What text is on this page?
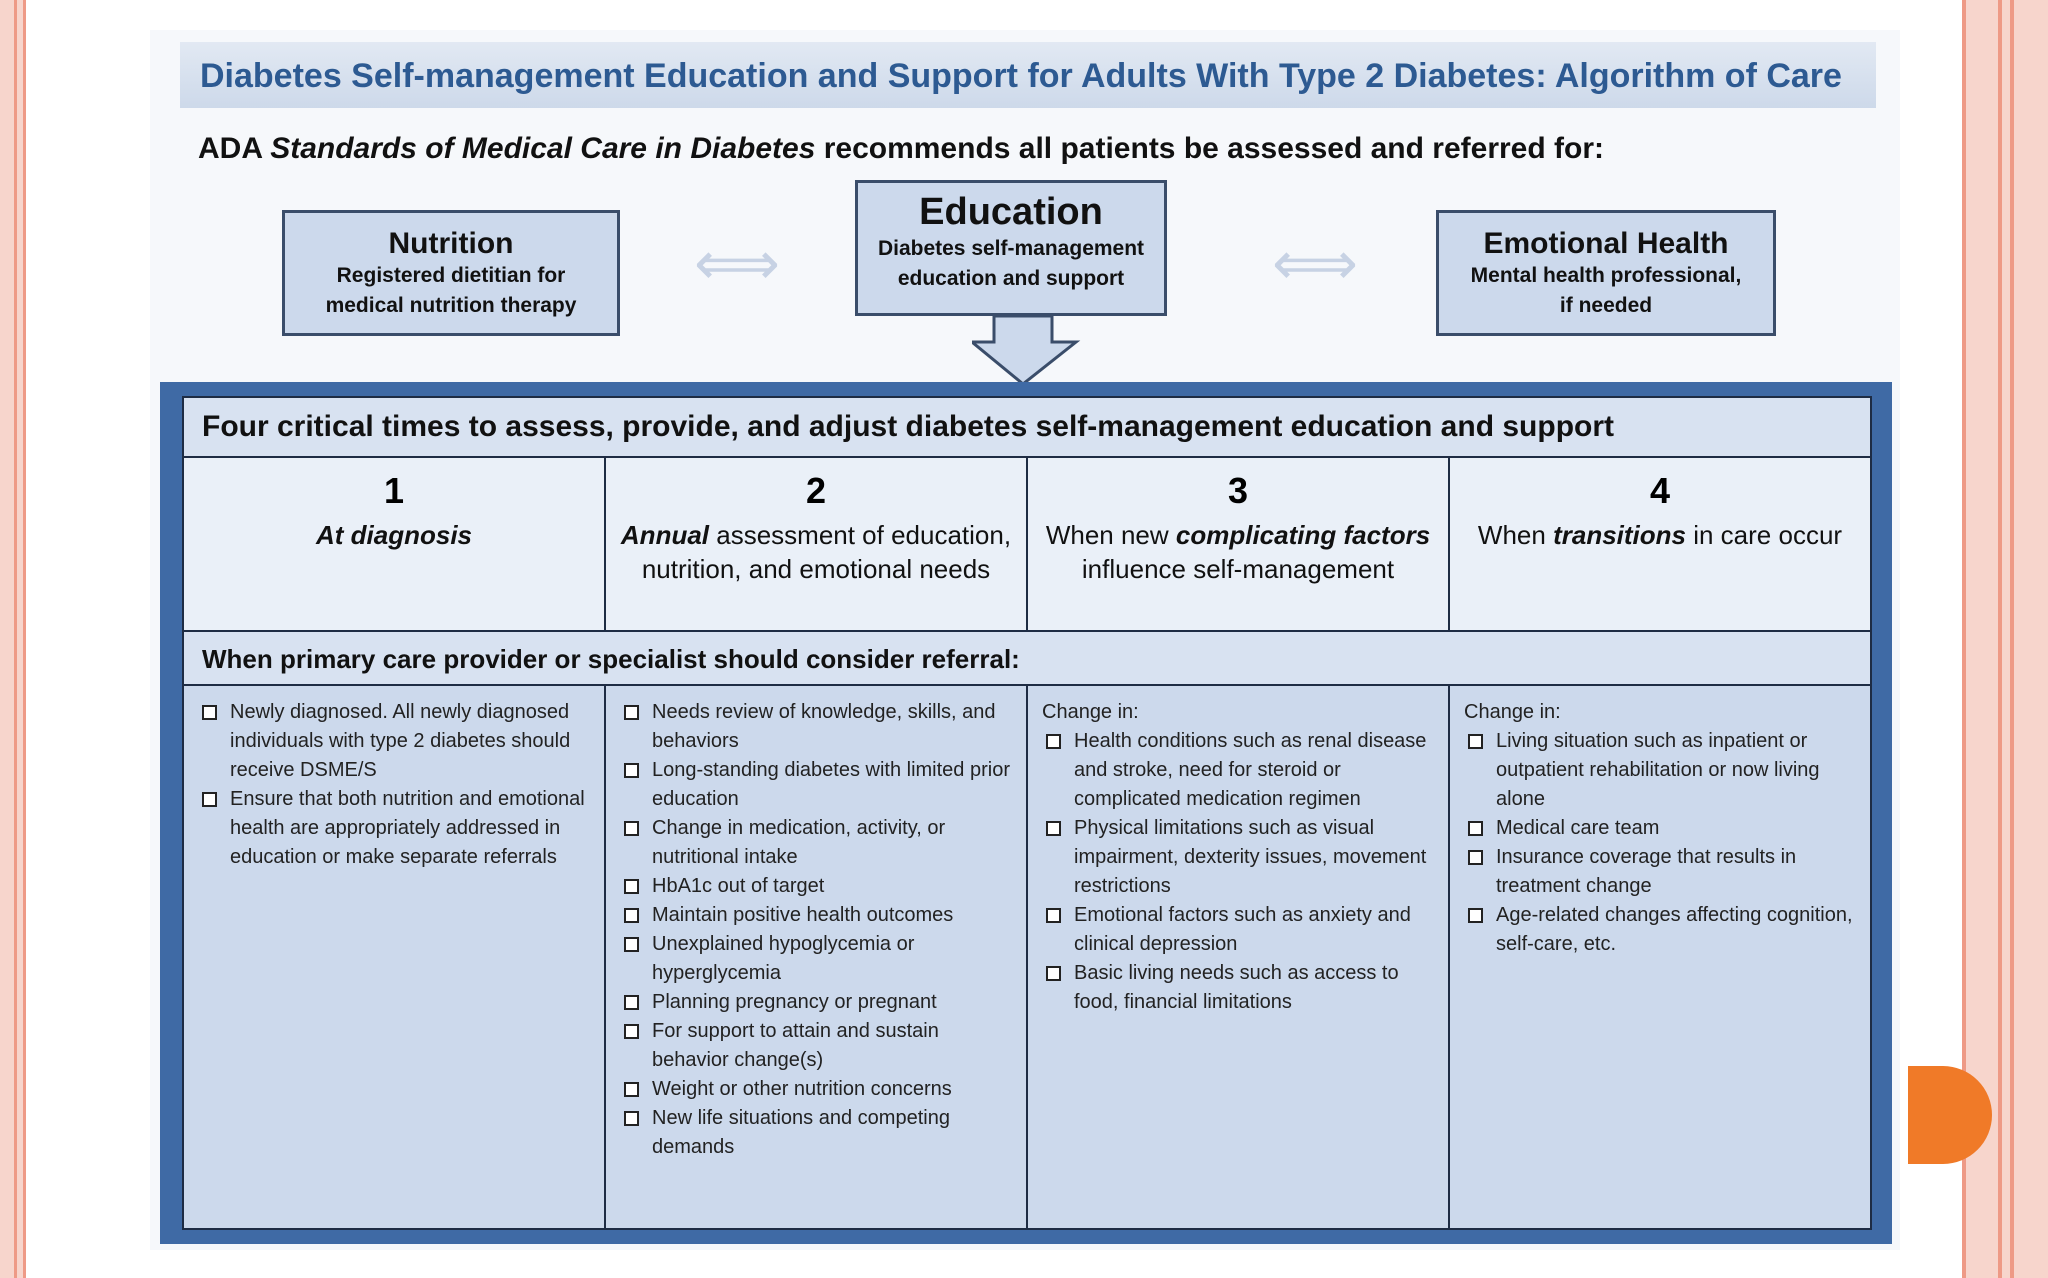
Diabetes Self-management Education and Support for Adults With Type 2 Diabetes: Algorithm of Care
ADA Standards of Medical Care in Diabetes recommends all patients be assessed and referred for:
Nutrition
Registered dietitian for
medical nutrition therapy
⟺
Education
Diabetes self-management
education and support	⟺	Emotional Health
Mental health professional,
if needed
Four critical times to assess, provide, and adjust diabetes self-management education and support
1
At diagnosis
2
Annual assessment of education, nutrition, and emotional needs
3
When new complicating factors influence self-management
4
When transitions in care occur
When primary care provider or specialist should consider referral:
Newly diagnosed. All newly diagnosed individuals with type 2 diabetes should receive DSME/S
Ensure that both nutrition and emotional health are appropriately addressed in education or make separate referrals
Needs review of knowledge, skills, and behaviors
Long-standing diabetes with limited prior education
Change in medication, activity, or nutritional intake
HbA1c out of target
Maintain positive health outcomes
Unexplained hypoglycemia or hyperglycemia
Planning pregnancy or pregnant
For support to attain and sustain behavior change(s)
Weight or other nutrition concerns
New life situations and competing demands
Change in:
Health conditions such as renal disease and stroke, need for steroid or complicated medication regimen
Physical limitations such as visual impairment, dexterity issues, movement restrictions
Emotional factors such as anxiety and clinical depression
Basic living needs such as access to food, financial limitations
Change in:
Living situation such as inpatient or outpatient rehabilitation or now living alone
Medical care team
Insurance coverage that results in treatment change
Age-related changes affecting cognition, self-care, etc.
